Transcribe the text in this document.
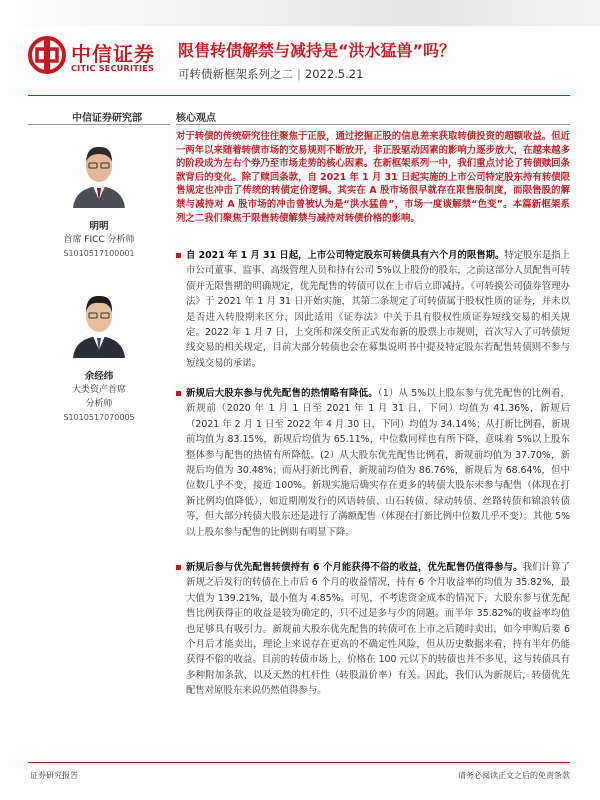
中信证券
CITIC SECURITIES
限售转债解禁与减持是“洪水猛兽”吗？
可转债新框架系列之二 | 2022.5.21
中信证券研究部	核心观点
明明
首席 FICC 分析师
S1010517100001
余经纬
大类资产首席
分析师
S1010517070005
对于转债的传统研究往往聚焦于正股，通过挖掘正股的信息差来获取转债投资的超额收益。但近一两年以来随着转债市场的交易规则不断放开，非正股驱动因素的影响力逐步放大，在越来越多的阶段成为左右个券乃至市场走势的核心因素。在新框架系列一中，我们重点讨论了转债赎回条款背后的变化。除了赎回条款，自 2021 年 1 月 31 日起实施的上市公司特定股东持有转债限售规定也冲击了传统的转债定价逻辑。其实在 A 股市场很早就存在限售股制度，而限售股的解禁与减持对 A 股市场的冲击曾被认为是“洪水猛兽”，市场一度谈解禁“色变”。本篇新框架系列之二我们聚焦于限售转债解禁与减持对转债价格的影响。
自 2021 年 1 月 31 日起，上市公司特定股东可转债具有六个月的限售期。特定股东是指上市公司董事、监事、高级管理人员和持有公司 5%以上股份的股东，之前这部分人员配售可转债并无限售期的明确规定，优先配售的转债可以在上市后立即减持。《可转换公司债券管理办法》于 2021 年 1 月 31 日开始实施，其第二条规定了可转债属于股权性质的证券，并未以是否进入转股期来区分，因此适用《证券法》中关于具有股权性质证券短线交易的相关规定。2022 年 1 月 7 日，上交所和深交所正式发布新的股票上市规则，首次写入了可转债短线交易的相关规定，目前大部分转债也会在募集说明书中提及特定股东若配售转债则不参与短线交易的承诺。
新规后大股东参与优先配售的热情略有降低。（1）从 5%以上股东参与优先配售的比例看，新规前（2020 年 1 月 1 日至 2021 年 1 月 31 日，下同）均值为 41.36%，新规后（2021 年 2 月 1 日至 2022 年 4 月 30 日，下同）均值为 34.14%；从打新比例看，新规前均值为 83.15%，新规后均值为 65.11%，中位数同样也有所下降，意味着 5%以上股东整体参与配售的热情有所降低。(2）从大股东优先配售比例看，新规前均值为 37.70%，新规后均值为 30.48%；而从打新比例看，新规前均值为 86.76%，新规后为 68.64%，但中位数几乎不变，接近 100%。新规实施后确实存在更多的转债大股东未参与配售（体现在打新比例均值降低），如近期刚发行的风语转债、山石转债、绿动转债、丝路转债和锦浪转债等，但大部分转债大股东还是进行了满额配售（体现在打新比例中位数几乎不变）。其他 5%以上股东参与配售的比例则有明显下降。
新规后参与优先配售转债持有 6 个月能获得不俗的收益，优先配售仍值得参与。我们计算了新规之后发行的转债在上市后 6 个月的收益情况，持有 6 个月收益率的均值为 35.82%，最大值为 139.21%，最小值为 4.85%。可见，不考虑资金成本的情况下，大股东参与优先配售比例获得正的收益是较为确定的，只不过是多与少的问题。而半年 35.82%的收益率均值也足够具有吸引力。新规前大股东优先配售的转债可在上市之后随时卖出，如今申购后要 6 个月后才能卖出，理论上来说存在更高的不确定性风险，但从历史数据来看，持有半年仍能获得不俗的收益。目前的转债市场上，价格在 100 元以下的转债也并不多见，这与转债具有多种附加条款、以及天然的杠杆性（转股溢价率）有关。因此，我们认为新规后，转债优先配售对原股东来说仍然值得参与。
证券研究报告	请务必阅读正文之后的免责条款
